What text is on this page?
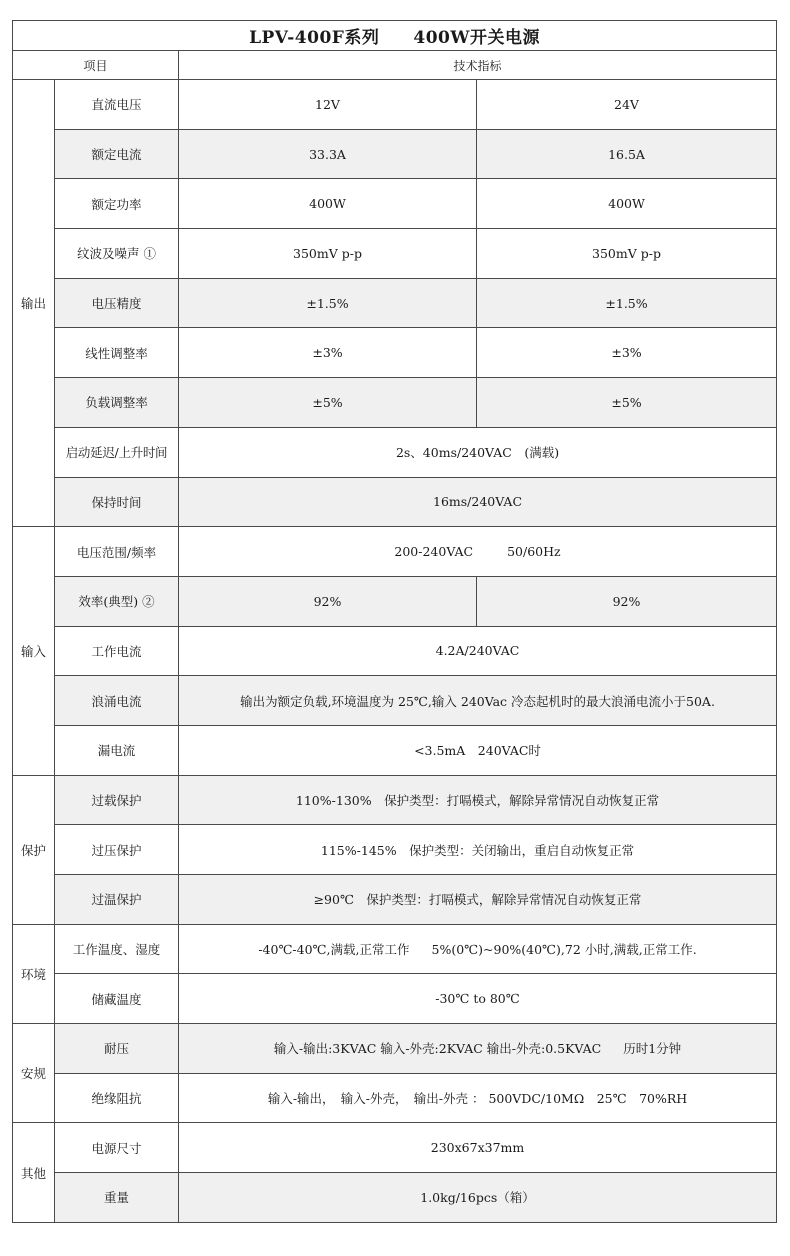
LPV-400F系列 400W开关电源			
项目		技术指标	
输出	直流电压	12V	24V
	额定电流	33.3A	16.5A
	额定功率	400W	400W
	纹波及噪声 ①	350mV p-p	350mV p-p
	电压精度	±1.5%	±1.5%
	线性调整率	±3%	±3%
	负载调整率	±5%	±5%
	启动延迟/上升时间	2s、40ms/240VAC　(满载)	
	保持时间	16ms/240VAC	
输入	电压范围/频率	200-240VAC 50/60Hz	
	效率(典型) ②	92%	92%
	工作电流	4.2A/240VAC	
	浪涌电流	输出为额定负载,环境温度为 25℃,输入 240Vac 冷态起机时的最大浪涌电流小于50A.	
	漏电流	<3.5mA　240VAC时	
保护	过载保护	110%-130%　保护类型：打嗝模式，解除异常情况自动恢复正常	
	过压保护	115%-145%　保护类型：关闭输出，重启自动恢复正常	
	过温保护	≥90℃　保护类型：打嗝模式，解除异常情况自动恢复正常	
环境	工作温度、湿度	-40℃-40℃,满载,正常工作 5%(0℃)~90%(40℃),72 小时,满载,正常工作.	
	储藏温度	-30℃ to 80℃	
安规	耐压	输入-输出:3KVAC 输入-外壳:2KVAC 输出-外壳:0.5KVAC 历时1分钟	
	绝缘阻抗	输入-输出，　输入-外壳，　输出-外壳 ： 500VDC/10MΩ　25℃　70%RH	
其他	电源尺寸	230x67x37mm	
	重量	1.0kg/16pcs（箱）	
